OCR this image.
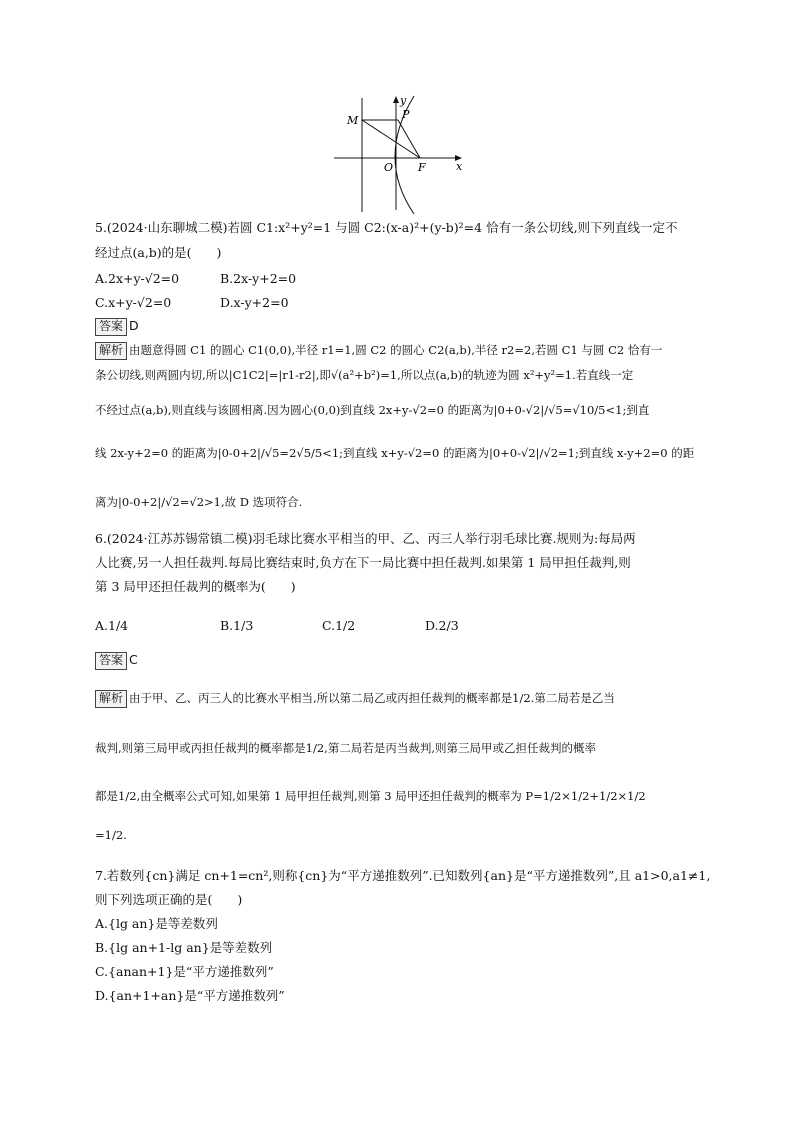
y
x
M	P
O F
5.(2024·山东聊城二模)若圆 C1:x²+y²=1 与圆 C2:(x-a)²+(y-b)²=4 恰有一条公切线,则下列直线一定不
经过点(a,b)的是(　　)
A.2x+y-√2=0	B.2x-y+2=0
C.x+y-√2=0	D.x-y+2=0
答案 D
解析 由题意得圆 C1 的圆心 C1(0,0),半径 r1=1,圆 C2 的圆心 C2(a,b),半径 r2=2,若圆 C1 与圆 C2 恰有一
条公切线,则两圆内切,所以|C1C2|=|r1-r2|,即√(a²+b²)=1,所以点(a,b)的轨迹为圆 x²+y²=1.若直线一定
不经过点(a,b),则直线与该圆相离.因为圆心(0,0)到直线 2x+y-√2=0 的距离为|0+0-√2|/√5=√10/5<1;到直
线 2x-y+2=0 的距离为|0-0+2|/√5=2√5/5<1;到直线 x+y-√2=0 的距离为|0+0-√2|/√2=1;到直线 x-y+2=0 的距
离为|0-0+2|/√2=√2>1,故 D 选项符合.
6.(2024·江苏苏锡常镇二模)羽毛球比赛水平相当的甲、乙、丙三人举行羽毛球比赛.规则为:每局两
人比赛,另一人担任裁判.每局比赛结束时,负方在下一局比赛中担任裁判.如果第 1 局甲担任裁判,则
第 3 局甲还担任裁判的概率为(　　)
A.1/4	B.1/3	C.1/2	D.2/3
答案 C
解析 由于甲、乙、丙三人的比赛水平相当,所以第二局乙或丙担任裁判的概率都是1/2.第二局若是乙当
裁判,则第三局甲或丙担任裁判的概率都是1/2,第二局若是丙当裁判,则第三局甲或乙担任裁判的概率
都是1/2,由全概率公式可知,如果第 1 局甲担任裁判,则第 3 局甲还担任裁判的概率为 P=1/2×1/2+1/2×1/2
=1/2.
7.若数列{cn}满足 cn+1=cn²,则称{cn}为“平方递推数列”.已知数列{an}是“平方递推数列”,且 a1>0,a1≠1,
则下列选项正确的是(　　)
A.{lg an}是等差数列
B.{lg an+1-lg an}是等差数列
C.{anan+1}是“平方递推数列”
D.{an+1+an}是“平方递推数列”
